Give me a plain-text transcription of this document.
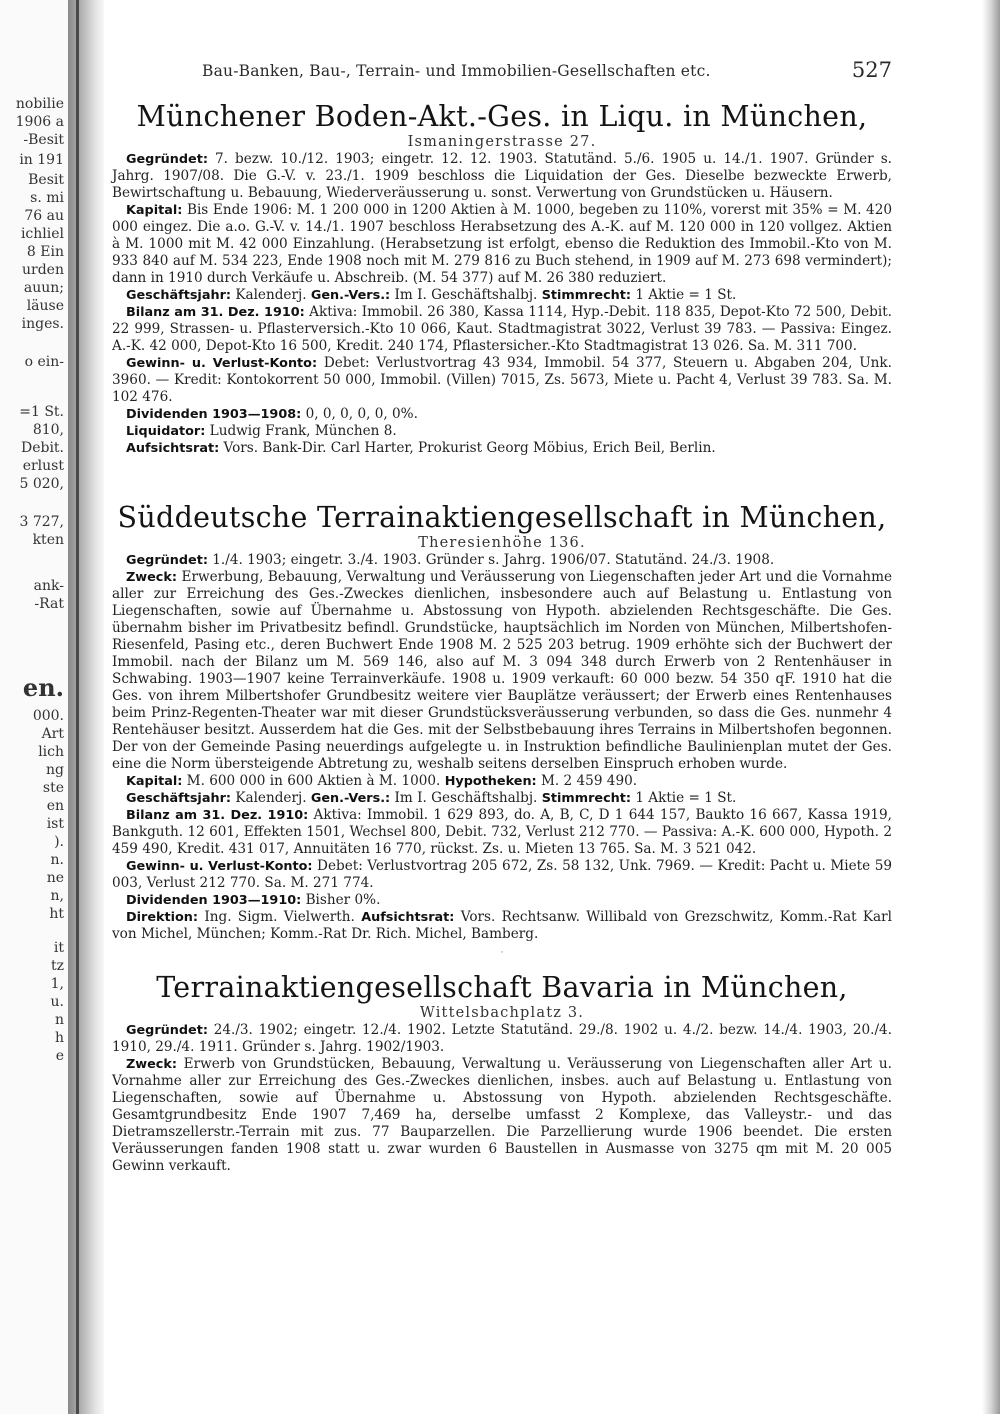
nobilie
1906 a
-Besit
in 191
Besit
s. mi
76 au
ichliel
8 Ein
urden
auun;
läuse
inges.
o ein-
=1 St.
810,
Debit.
erlust
5 020,
3 727,
kten
ank-
-Rat
en.
000.
Art
lich
ng
ste
en
ist
).
n.
ne
n,
ht
it
tz
1,
u.
n
h
e
Bau-Banken, Bau-, Terrain- und Immobilien-Gesellschaften etc.	527
Münchener Boden-Akt.-Ges. in Liqu. in München,
Ismaningerstrasse 27.

Gegründet: 7. bezw. 10./12. 1903; eingetr. 12. 12. 1903. Statutänd. 5./6. 1905 u. 14./1. 1907. Gründer s. Jahrg. 1907/08. Die G.-V. v. 23./1. 1909 beschloss die Liquidation der Ges. Dieselbe bezweckte Erwerb, Bewirtschaftung u. Bebauung, Wiederveräusserung u. sonst. Verwertung von Grundstücken u. Häusern.

Kapital: Bis Ende 1906: M. 1 200 000 in 1200 Aktien à M. 1000, begeben zu 110%, vorerst mit 35% = M. 420 000 eingez. Die a.o. G.-V. v. 14./1. 1907 beschloss Herabsetzung des A.-K. auf M. 120 000 in 120 vollgez. Aktien à M. 1000 mit M. 42 000 Einzahlung. (Herabsetzung ist erfolgt, ebenso die Reduktion des Immobil.-Kto von M. 933 840 auf M. 534 223, Ende 1908 noch mit M. 279 816 zu Buch stehend, in 1909 auf M. 273 698 vermindert); dann in 1910 durch Verkäufe u. Abschreib. (M. 54 377) auf M. 26 380 reduziert.

Geschäftsjahr: Kalenderj. Gen.-Vers.: Im I. Geschäftshalbj. Stimmrecht: 1 Aktie = 1 St.

Bilanz am 31. Dez. 1910: Aktiva: Immobil. 26 380, Kassa 1114, Hyp.-Debit. 118 835, Depot-Kto 72 500, Debit. 22 999, Strassen- u. Pflasterversich.-Kto 10 066, Kaut. Stadtmagistrat 3022, Verlust 39 783. — Passiva: Eingez. A.-K. 42 000, Depot-Kto 16 500, Kredit. 240 174, Pflastersicher.-Kto Stadtmagistrat 13 026. Sa. M. 311 700.

Gewinn- u. Verlust-Konto: Debet: Verlustvortrag 43 934, Immobil. 54 377, Steuern u. Abgaben 204, Unk. 3960. — Kredit: Kontokorrent 50 000, Immobil. (Villen) 7015, Zs. 5673, Miete u. Pacht 4, Verlust 39 783. Sa. M. 102 476.

Dividenden 1903—1908: 0, 0, 0, 0, 0, 0%.

Liquidator: Ludwig Frank, München 8.

Aufsichtsrat: Vors. Bank-Dir. Carl Harter, Prokurist Georg Möbius, Erich Beil, Berlin.

Süddeutsche Terrainaktiengesellschaft in München,
Theresienhöhe 136.

Gegründet: 1./4. 1903; eingetr. 3./4. 1903. Gründer s. Jahrg. 1906/07. Statutänd. 24./3. 1908.

Zweck: Erwerbung, Bebauung, Verwaltung und Veräusserung von Liegenschaften jeder Art und die Vornahme aller zur Erreichung des Ges.-Zweckes dienlichen, insbesondere auch auf Belastung u. Entlastung von Liegenschaften, sowie auf Übernahme u. Abstossung von Hypoth. abzielenden Rechtsgeschäfte. Die Ges. übernahm bisher im Privatbesitz befindl. Grundstücke, hauptsächlich im Norden von München, Milbertshofen-Riesenfeld, Pasing etc., deren Buchwert Ende 1908 M. 2 525 203 betrug. 1909 erhöhte sich der Buchwert der Immobil. nach der Bilanz um M. 569 146, also auf M. 3 094 348 durch Erwerb von 2 Rentenhäuser in Schwabing. 1903—1907 keine Terrainverkäufe. 1908 u. 1909 verkauft: 60 000 bezw. 54 350 qF. 1910 hat die Ges. von ihrem Milbertshofer Grundbesitz weitere vier Bauplätze veräussert; der Erwerb eines Rentenhauses beim Prinz-Regenten-Theater war mit dieser Grundstücksveräusserung verbunden, so dass die Ges. nunmehr 4 Rentehäuser besitzt. Ausserdem hat die Ges. mit der Selbstbebauung ihres Terrains in Milbertshofen begonnen. Der von der Gemeinde Pasing neuerdings aufgelegte u. in Instruktion befindliche Baulinienplan mutet der Ges. eine die Norm übersteigende Abtretung zu, weshalb seitens derselben Einspruch erhoben wurde.

Kapital: M. 600 000 in 600 Aktien à M. 1000. Hypotheken: M. 2 459 490.

Geschäftsjahr: Kalenderj. Gen.-Vers.: Im I. Geschäftshalbj. Stimmrecht: 1 Aktie = 1 St.

Bilanz am 31. Dez. 1910: Aktiva: Immobil. 1 629 893, do. A, B, C, D 1 644 157, Baukto 16 667, Kassa 1919, Bankguth. 12 601, Effekten 1501, Wechsel 800, Debit. 732, Verlust 212 770. — Passiva: A.-K. 600 000, Hypoth. 2 459 490, Kredit. 431 017, Annuitäten 16 770, rückst. Zs. u. Mieten 13 765. Sa. M. 3 521 042.

Gewinn- u. Verlust-Konto: Debet: Verlustvortrag 205 672, Zs. 58 132, Unk. 7969. — Kredit: Pacht u. Miete 59 003, Verlust 212 770. Sa. M. 271 774.

Dividenden 1903—1910: Bisher 0%.

Direktion: Ing. Sigm. Vielwerth. Aufsichtsrat: Vors. Rechtsanw. Willibald von Grezschwitz, Komm.-Rat Karl von Michel, München; Komm.-Rat Dr. Rich. Michel, Bamberg.

·
Terrainaktiengesellschaft Bavaria in München,
Wittelsbachplatz 3.

Gegründet: 24./3. 1902; eingetr. 12./4. 1902. Letzte Statutänd. 29./8. 1902 u. 4./2. bezw. 14./4. 1903, 20./4. 1910, 29./4. 1911. Gründer s. Jahrg. 1902/1903.

Zweck: Erwerb von Grundstücken, Bebauung, Verwaltung u. Veräusserung von Liegenschaften aller Art u. Vornahme aller zur Erreichung des Ges.-Zweckes dienlichen, insbes. auch auf Belastung u. Entlastung von Liegenschaften, sowie auf Übernahme u. Abstossung von Hypoth. abzielenden Rechtsgeschäfte. Gesamtgrundbesitz Ende 1907 7,469 ha, derselbe umfasst 2 Komplexe, das Valleystr.- und das Dietramszellerstr.-Terrain mit zus. 77 Bauparzellen. Die Parzellierung wurde 1906 beendet. Die ersten Veräusserungen fanden 1908 statt u. zwar wurden 6 Baustellen in Ausmasse von 3275 qm mit M. 20 005 Gewinn verkauft.
